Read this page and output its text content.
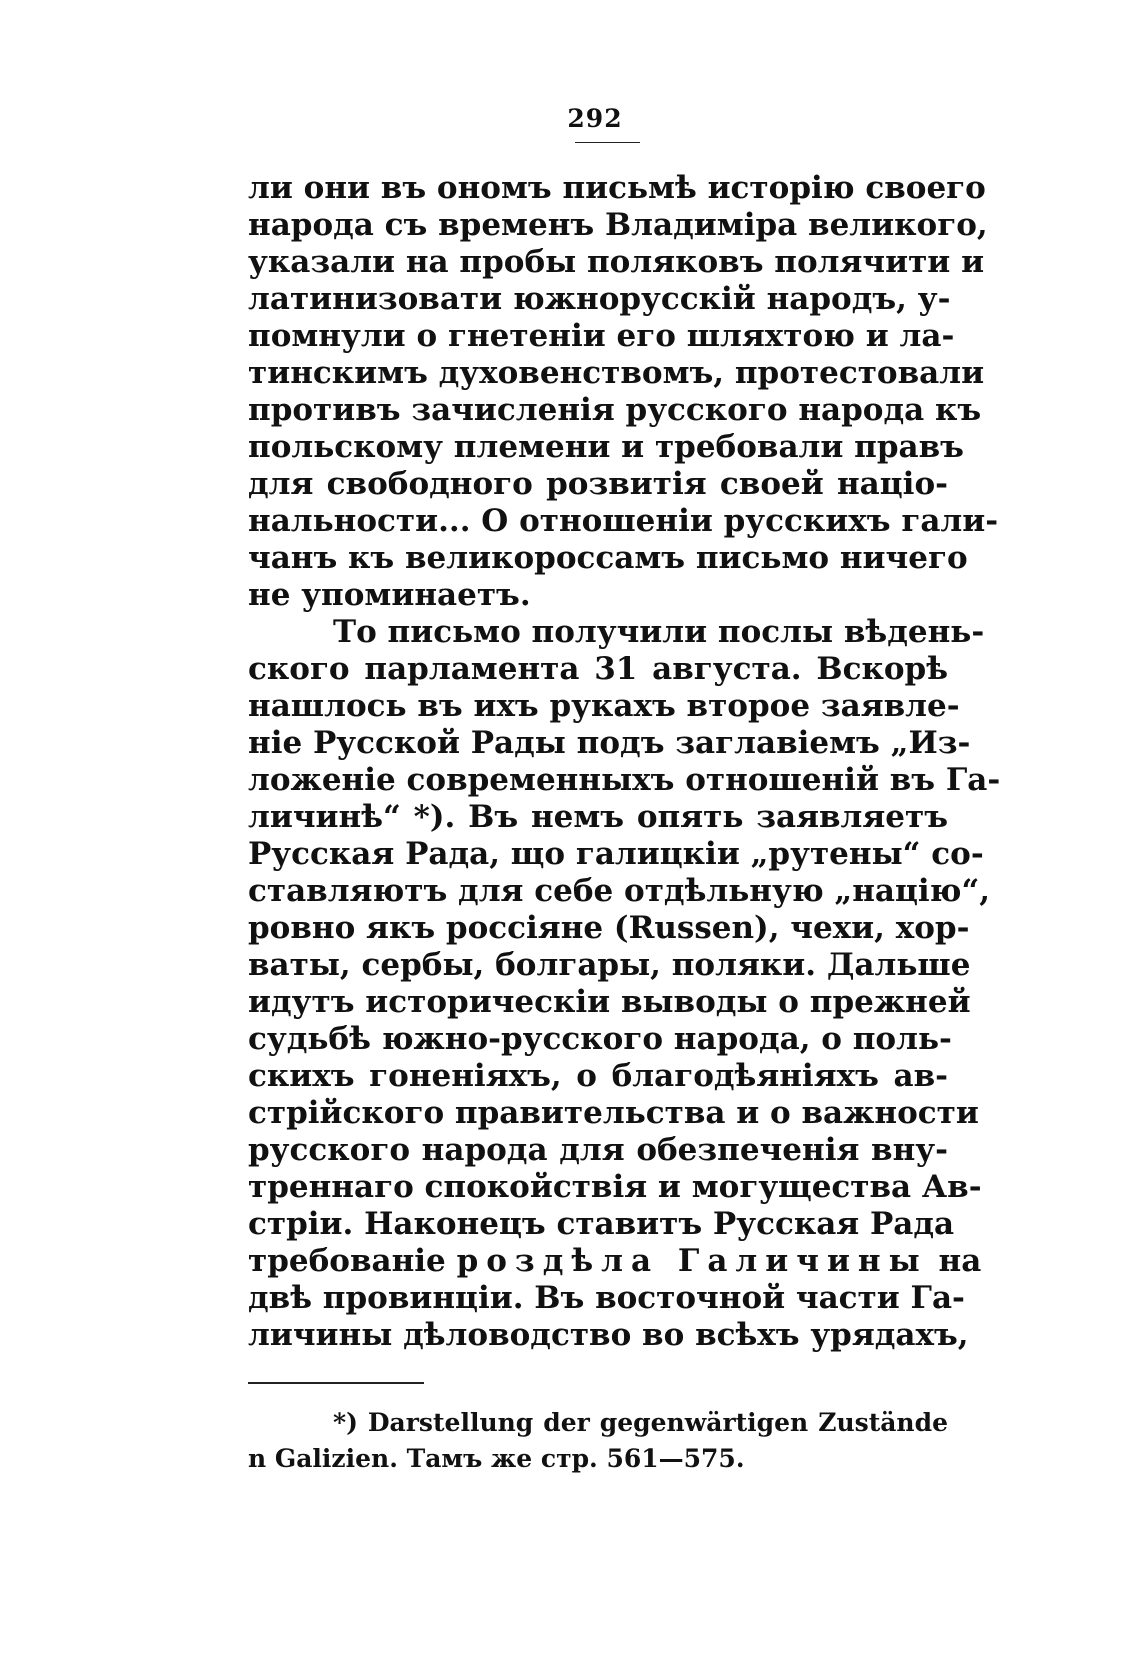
292
ли они въ ономъ письмѣ исторію своего
народа съ временъ Владиміра великого,
указали на пробы поляковъ полячити и
латинизовати южнорусскій народъ, у-
помнули о гнетеніи его шляхтою и ла-
тинскимъ духовенствомъ, протестовали
противъ зачисленія русского народа къ
польскому племени и требовали правъ
для свободного розвитія своей націо-
нальности... О отношеніи русскихъ гали-
чанъ къ великороссамъ письмо ничего
не упоминаетъ.
То письмо получили послы вѣдень-
ского парламента 31 августа. Вскорѣ
нашлось въ ихъ рукахъ второе заявле-
ніе Русской Рады подъ заглавіемъ „Из-
ложеніе современныхъ отношеній въ Га-
личинѣ“ *). Въ немъ опять заявляетъ
Русская Рада, що галицкіи „рутены“ со-
ставляютъ для себе отдѣльную „націю“,
ровно якъ россіяне (Russen), чехи, хор-
ваты, сербы, болгары, поляки. Дальше
идутъ историческіи выводы о прежней
судьбѣ южно-русского народа, о поль-
скихъ гоненіяхъ, о благодѣяніяхъ ав-
стрійского правительства и о важности
русского народа для обезпеченія вну-
треннаго спокойствія и могущества Ав-
стріи. Наконецъ ставитъ Русская Рада
требованіе роздѣла Галичины на
двѣ провинціи. Въ восточной части Га-
личины дѣловодство во всѣхъ урядахъ,
*) Darstellung der gegenwärtigen Zustände
n Galizien. Тамъ же стр. 561—575.
